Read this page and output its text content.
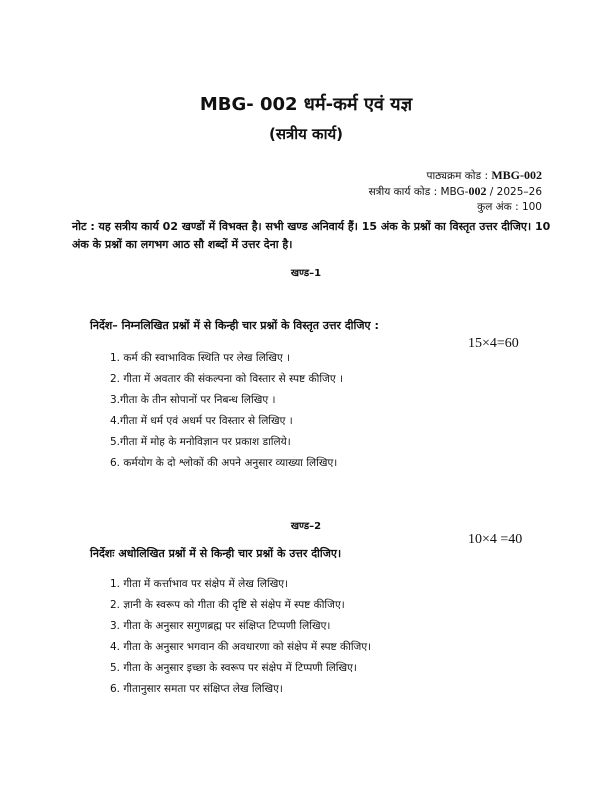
MBG- 002 धर्म-कर्म एवं यज्ञ
(सत्रीय कार्य)
पाठ्यक्रम कोड : MBG-002
सत्रीय कार्य कोड : MBG-002 / 2025–26
कुल अंक : 100
नोट : यह सत्रीय कार्य 02 खण्डों में विभक्त है। सभी खण्ड अनिवार्य हैं। 15 अंक के प्रश्नों का विस्तृत उत्तर दीजिए। 10 अंक के प्रश्नों का लगभग आठ सौ शब्दों में उत्तर देना है।
खण्ड–1
निर्देश– निम्नलिखित प्रश्नों में से किन्ही चार प्रश्नों के विस्तृत उत्तर दीजिए :
15×4=60
1. कर्म की स्वाभाविक स्थिति पर लेख लिखिए ।
2. गीता में अवतार की संकल्पना को विस्तार से स्पष्ट कीजिए ।
3.गीता के तीन सोपानों पर निबन्ध लिखिए ।
4.गीता में धर्म एवं अधर्म पर विस्तार से लिखिए ।
5.गीता में मोह के मनोविज्ञान पर प्रकाश डालिये।
6. कर्मयोग के दो श्लोकों की अपने अनुसार व्याख्या लिखिए।
खण्ड–2
10×4 =40
निर्देशः अधोलिखित प्रश्नों में से किन्ही चार प्रश्नों के उत्तर दीजिए।
1. गीता में कर्त्ताभाव पर संक्षेप में लेख लिखिए।
2. ज्ञानी के स्वरूप को गीता की दृष्टि से संक्षेप में स्पष्ट कीजिए।
3. गीता के अनुसार सगुणब्रह्म पर संक्षिप्त टिप्पणी लिखिए।
4. गीता के अनुसार भगवान की अवधारणा को संक्षेप में स्पष्ट कीजिए।
5. गीता के अनुसार इच्छा के स्वरूप पर संक्षेप में टिप्पणी लिखिए।
6. गीतानुसार समता पर संक्षिप्त लेख लिखिए।
